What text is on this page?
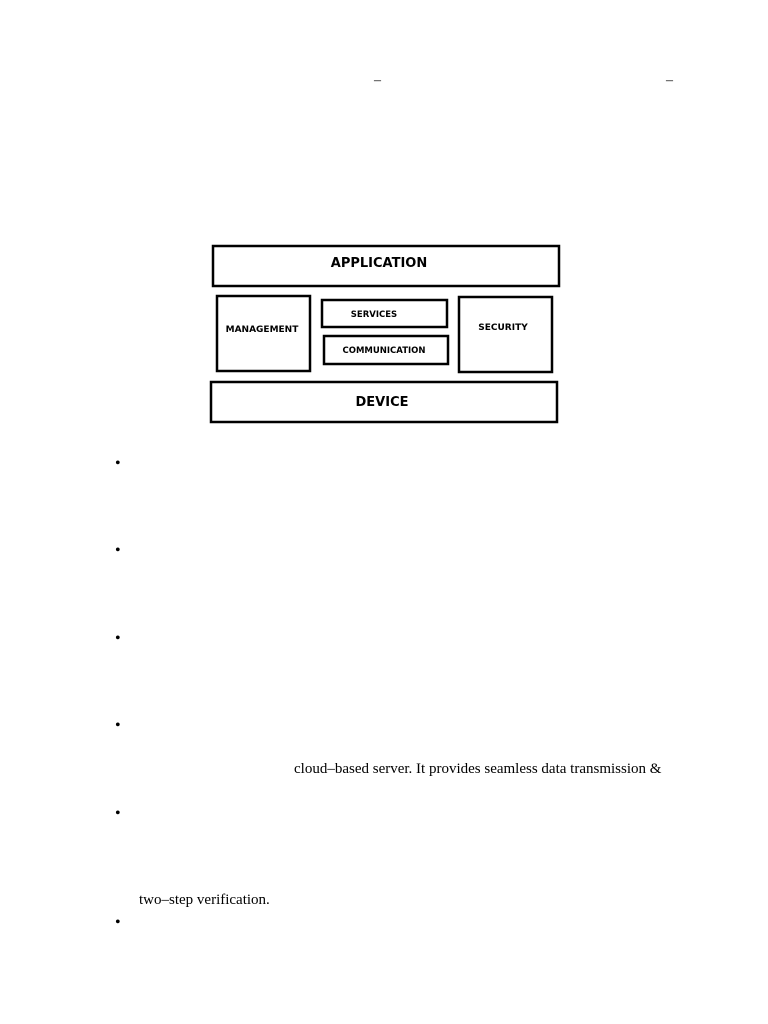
–	–
APPLICATION
MANAGEMENT
SERVICES
COMMUNICATION
SECURITY
DEVICE
•
•
•
•
•
•
cloud–based server. It provides seamless data transmission &
two–step verification.
